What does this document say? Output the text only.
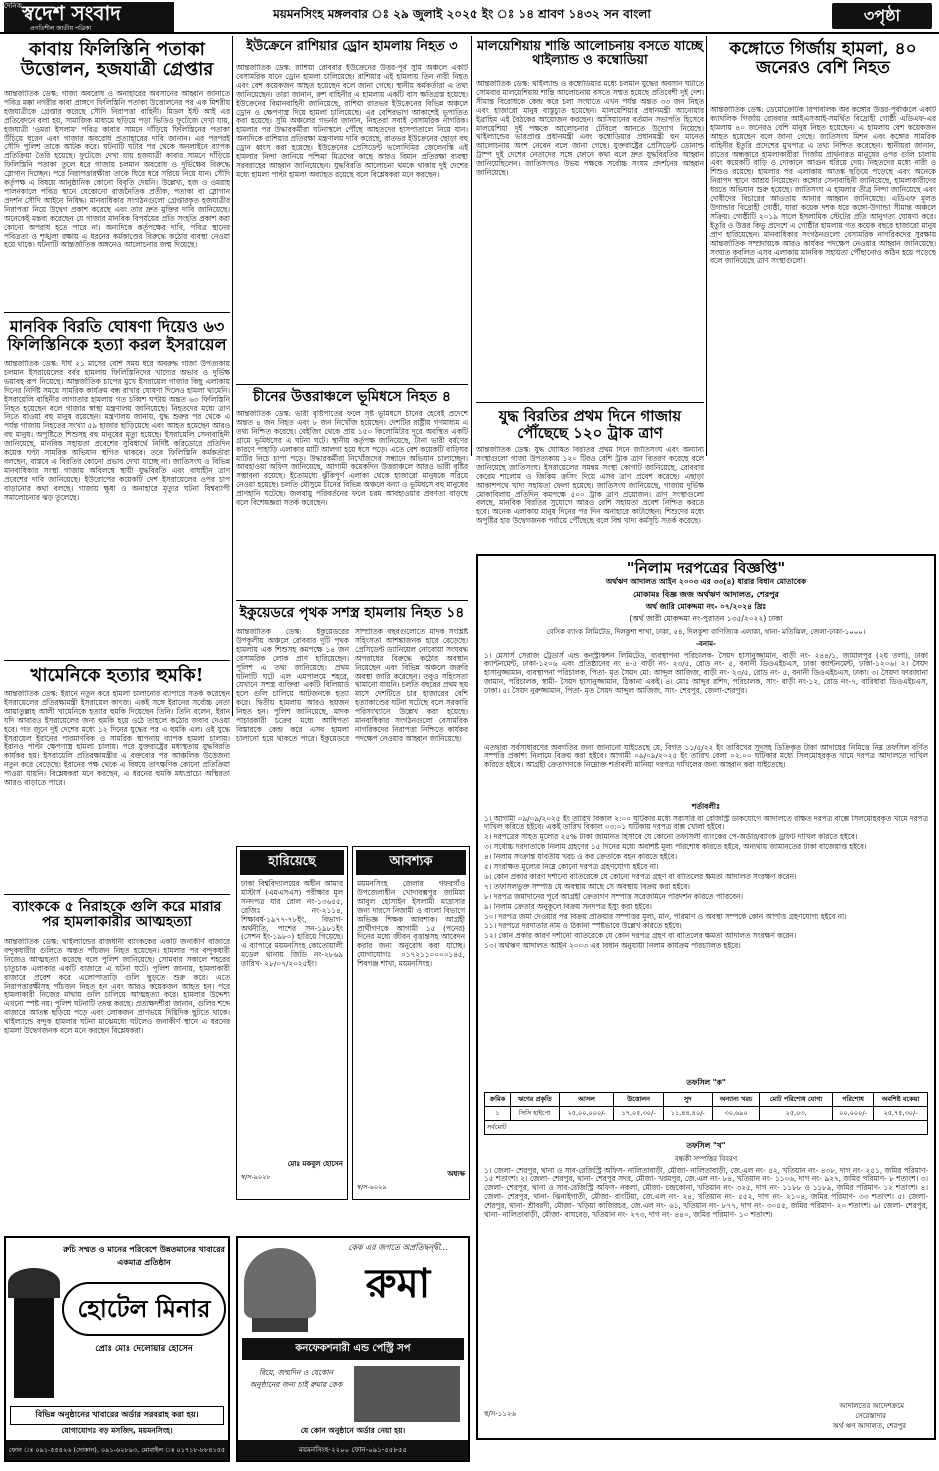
স্বদেশ সংবাদ
দৈনিক
প্রগতিশীল জাতীয় পত্রিকা
ময়মনসিংহ মঙ্গলবার ঃ ২৯ জুলাই ২০২৫ ইং ঃ ১৪ শ্রাবণ ১৪৩২ সন বাংলা	৩পৃষ্ঠা
কাবায় ফিলিস্তিনি পতাকা উত্তোলন, হজযাত্রী গ্রেপ্তার
আন্তর্জাতিক ডেস্ক: গাজা অবরোধ ও অনাহারের অবসানের আহ্বান জানাতে পবিত্র মক্কা নগরীর কাবা প্রাঙ্গণে ফিলিস্তিনি পতাকা উত্তোলনের পর এক মিশরীয় হজযাত্রীকে গ্রেপ্তার করেছে সৌদি নিরাপত্তা বাহিনী। মিডল ইস্ট আই এর প্রতিবেদনে বলা হয়, সামাজিক মাধ্যমে ছড়িয়ে পড়া ভিডিও ফুটেজে দেখা যায়, হজযাত্রী 'ওমরা ইসলাম' পবিত্র কাবার সামনে দাঁড়িয়ে ফিলিস্তিনের পতাকা উঁচিয়ে ধরেন এবং গাজার অবরোধ প্রত্যাহারের দাবি জানান। এর পরপরই সৌদি পুলিশ তাকে আটক করে। ঘটনাটি ঘটার পর থেকে অনলাইনে ব্যাপক প্রতিক্রিয়া তৈরি হয়েছে। ফুটেজে দেখা যায় হজযাত্রী কাবার সামনে দাঁড়িয়ে ফিলিস্তিনি পতাকা তুলে ধরে গাজায় চলমান অবরোধ ও দুর্ভিক্ষের বিরুদ্ধে স্লোগান দিচ্ছেন। পরে নিরাপত্তারক্ষীরা তাকে ঘিরে ধরে সরিয়ে নিয়ে যান। সৌদি কর্তৃপক্ষ এ বিষয়ে আনুষ্ঠানিক কোনো বিবৃতি দেয়নি। উল্লেখ্য, হজ ও ওমরাহ পালনকালে পবিত্র স্থানে যেকোনো রাজনৈতিক প্রতীক, পতাকা বা স্লোগান প্রদর্শন সৌদি আইনে নিষিদ্ধ। মানবাধিকার সংগঠনগুলো গ্রেপ্তারকৃত হজযাত্রীর নিরাপত্তা নিয়ে উদ্বেগ প্রকাশ করেছে এবং তার দ্রুত মুক্তির দাবি জানিয়েছে। অনেকেই মন্তব্য করেছেন যে গাজার মানবিক বিপর্যয়ের প্রতি সংহতি প্রকাশ করা কোনো অপরাধ হতে পারে না। অন্যদিকে কর্তৃপক্ষের দাবি, পবিত্র স্থানের পবিত্রতা ও শৃঙ্খলা রক্ষায় এ ধরনের কর্মকাণ্ডের বিরুদ্ধে কঠোর ব্যবস্থা নেওয়া হয়ে থাকে। ঘটনাটি আন্তর্জাতিক অঙ্গনেও আলোচনার জন্ম দিয়েছে।
ইউক্রেনে রাশিয়ার ড্রোন হামলায় নিহত ৩
আন্তর্জাতিক ডেস্ক: রাশিয়া রোববার ইউক্রেনের উত্তর-পূর্ব সুমি অঞ্চলে একটি বেসামরিক যানে ড্রোন হামলা চালিয়েছে। রাশিয়ার এই হামলায় তিন নারী নিহত এবং বেশ কয়েকজন আহত হয়েছেন বলে জানা গেছে। স্থানীয় কর্মকর্তারা এ তথ্য জানিয়েছেন। তারা জানান, রুশ বাহিনীর এ হামলায় একটি বাস ক্ষতিগ্রস্ত হয়েছে। ইউক্রেনের বিমানবাহিনী জানিয়েছে, রাশিয়া রাতভর ইউক্রেনের বিভিন্ন অঞ্চলে ড্রোন ও ক্ষেপণাস্ত্র দিয়ে হামলা চালিয়েছে। এর বেশিরভাগ আকাশেই ভূপাতিত করা হয়েছে। সুমি অঞ্চলের গভর্নর জানান, নিহতরা সবাই বেসামরিক নাগরিক। হামলার পর উদ্ধারকর্মীরা ঘটনাস্থলে পৌঁছে আহতদের হাসপাতালে নিয়ে যান। অন্যদিকে রাশিয়ার প্রতিরক্ষা মন্ত্রণালয় দাবি করেছে, রাতভর ইউক্রেনের ছোড়া বহু ড্রোন ধ্বংস করা হয়েছে। ইউক্রেনের প্রেসিডেন্ট ভলোদিমির জেলেনস্কি এই হামলার নিন্দা জানিয়ে পশ্চিমা মিত্রদের কাছে আরও বিমান প্রতিরক্ষা ব্যবস্থা সরবরাহের আহ্বান জানিয়েছেন। যুদ্ধবিরতি আলোচনা থমকে থাকায় দুই দেশের মধ্যে হামলা পাল্টা হামলা অব্যাহত রয়েছে বলে বিশ্লেষকরা মনে করছেন।
মালয়েশিয়ায় শান্তি আলোচনায় বসতে যাচ্ছে থাইল্যান্ড ও কম্বোডিয়া
আন্তর্জাতিক ডেস্ক: থাইল্যান্ড ও কম্বোডিয়ার মধ্যে চলমান যুদ্ধের অবসান ঘটাতে সোমবার মালয়েশিয়ায় শান্তি আলোচনায় বসতে সম্মত হয়েছে প্রতিবেশী দুই দেশ। সীমান্ত বিরোধকে কেন্দ্র করে চলা সংঘাতে এখন পর্যন্ত অন্তত ৩৩ জন নিহত এবং হাজারো মানুষ বাস্তুচ্যুত হয়েছেন। মালয়েশিয়ার প্রধানমন্ত্রী আনোয়ার ইব্রাহিম এই বৈঠকের আয়োজন করছেন। আসিয়ানের বর্তমান সভাপতি হিসেবে মালয়েশিয়া দুই পক্ষকে আলোচনার টেবিলে আনতে উদ্যোগ নিয়েছে। থাইল্যান্ডের ভারপ্রাপ্ত প্রধানমন্ত্রী এবং কম্বোডিয়ার প্রধানমন্ত্রী হুন মানেত আলোচনায় অংশ নেবেন বলে জানা গেছে। যুক্তরাষ্ট্রের প্রেসিডেন্ট ডোনাল্ড ট্রাম্প দুই দেশের নেতাদের সঙ্গে ফোনে কথা বলে দ্রুত যুদ্ধবিরতির আহ্বান জানিয়েছিলেন। জাতিসংঘও উভয় পক্ষকে সর্বোচ্চ সংযম প্রদর্শনের আহ্বান জানিয়েছে।
কঙ্গোতে গির্জায় হামলা, ৪০ জনেরও বেশি নিহত
আন্তর্জাতিক ডেস্ক: ডেমোক্রেটিক রিপাবলিক অব কঙ্গোর উত্তর-পূর্বাঞ্চলে একটি ক্যাথলিক গির্জায় রোববার আইএসআই-সমর্থিত বিদ্রোহী গোষ্ঠী এডিএফ-এর হামলায় ৪০ জনেরও বেশি মানুষ নিহত হয়েছেন। এ হামলায় বেশ কয়েকজন আহত হয়েছেন বলে জানা গেছে। জাতিসংঘ মিশন এবং কঙ্গোর সামরিক বাহিনীর ইতুরি প্রদেশের মুখপাত্র এ তথ্য নিশ্চিত করেছেন। স্থানীয়রা জানান, রাতের অন্ধকারে হামলাকারীরা গির্জায় প্রার্থনারত মানুষের ওপর গুলি চালায় এবং কয়েকটি বাড়ি ও দোকানে আগুন ধরিয়ে দেয়। নিহতদের মধ্যে নারী ও শিশুও রয়েছে। হামলার পর এলাকায় আতঙ্ক ছড়িয়ে পড়েছে এবং অনেকে নিরাপদ স্থানে আশ্রয় নিয়েছেন। কঙ্গোর সেনাবাহিনী জানিয়েছে, হামলাকারীদের ধরতে অভিযান শুরু হয়েছে। জাতিসংঘ এ হামলার তীব্র নিন্দা জানিয়েছে এবং দোষীদের বিচারের আওতায় আনার আহ্বান জানিয়েছে। এডিএফ মূলত উগান্ডার বিদ্রোহী গোষ্ঠী, যারা কয়েক দশক ধরে কঙ্গো-উগান্ডা সীমান্ত অঞ্চলে সক্রিয়। গোষ্ঠীটি ২০১৯ সালে ইসলামিক স্টেটের প্রতি আনুগত্য ঘোষণা করে। ইতুরি ও উত্তর কিভু প্রদেশে এ গোষ্ঠীর হামলায় গত কয়েক বছরে হাজারো মানুষ প্রাণ হারিয়েছেন। মানবাধিকার সংগঠনগুলো বেসামরিক নাগরিকদের সুরক্ষায় আন্তর্জাতিক সম্প্রদায়কে আরও কার্যকর পদক্ষেপ নেওয়ার আহ্বান জানিয়েছে। সংঘাত কবলিত এসব এলাকায় মানবিক সহায়তা পৌঁছানোও কঠিন হয়ে পড়েছে বলে জানিয়েছে ত্রাণ সংস্থাগুলো।
চীনের উত্তরাঞ্চলে ভূমিধসে নিহত ৪
আন্তর্জাতিক ডেস্ক: ভারী বৃষ্টিপাতের ফলে সৃষ্ট ভূমিধসে চীনের হেবেই প্রদেশে অন্তত ৪ জন নিহত এবং ৮ জন নিখোঁজ হয়েছেন। দেশটির রাষ্ট্রীয় গণমাধ্যম এ তথ্য নিশ্চিত করেছে। বেইজিং থেকে প্রায় ১৫০ কিলোমিটার দূরে অবস্থিত একটি গ্রামে ভূমিধসের এ ঘটনা ঘটে। স্থানীয় কর্তৃপক্ষ জানিয়েছে, টানা ভারী বর্ষণের কারণে পাহাড়ি এলাকার মাটি আলগা হয়ে ধসে পড়ে। এতে বেশ কয়েকটি বাড়িঘর মাটির নিচে চাপা পড়ে। উদ্ধারকর্মীরা নিখোঁজদের সন্ধানে অভিযান চালাচ্ছেন। আবহাওয়া অফিস জানিয়েছে, আগামী কয়েকদিন উত্তরাঞ্চলে আরও ভারী বৃষ্টির সম্ভাবনা রয়েছে। ইতোমধ্যে ঝুঁকিপূর্ণ এলাকা থেকে হাজারো মানুষকে সরিয়ে নেওয়া হয়েছে। চলতি মৌসুমে চীনের বিভিন্ন অঞ্চলে বন্যা ও ভূমিধসে বহু মানুষের প্রাণহানি ঘটেছে। জলবায়ু পরিবর্তনের ফলে চরম আবহাওয়ার প্রবণতা বাড়ছে বলে বিশেষজ্ঞরা সতর্ক করেছেন।
যুদ্ধ বিরতির প্রথম দিনে গাজায় পৌঁছেছে ১২০ ট্রাক ত্রাণ
আন্তর্জাতিক ডেস্ক: যুদ্ধ ঘোষিত বিরতির প্রথম দিনে জাতিসংঘ এবং অন্যান্য সংস্থাগুলো গাজা উপত্যকায় ১২০ টিরও বেশি ট্রাক ত্রাণ বিতরণ করেছে বলে জানিয়েছে জাতিসংঘ। ইসরায়েলের সমন্বয় সংস্থা কোগাট জানিয়েছে, রোববার কেরেম শালোম ও জিকিম ক্রসিং দিয়ে এসব ত্রাণ প্রবেশ করেছে। এছাড়া আকাশপথে খাদ্য সহায়তা ফেলা হয়েছে। জাতিসংঘ জানিয়েছে, গাজায় দুর্ভিক্ষ মোকাবিলায় প্রতিদিন কমপক্ষে ৫০০ ট্রাক ত্রাণ প্রয়োজন। ত্রাণ সংস্থাগুলো বলছে, মানবিক বিরতির সুযোগে আরও বেশি সহায়তা প্রবেশ নিশ্চিত করতে হবে। অনেক এলাকায় মানুষ দিনের পর দিন অনাহারে কাটাচ্ছেন। শিশুদের মধ্যে অপুষ্টির হার উদ্বেগজনক পর্যায়ে পৌঁছেছে বলে বিশ্ব খাদ্য কর্মসূচি সতর্ক করেছে।
মানবিক বিরতি ঘোষণা দিয়েও ৬৩ ফিলিস্তিনিকে হত্যা করল ইসরায়েল
আন্তর্জাতিক ডেস্ক: দীর্ঘ ২১ মাসের বেশি সময় ধরে অবরুদ্ধ গাজা উপত্যকায় চলমান ইসরায়েলের বর্বর হামলায় ফিলিস্তিনিদের খাদ্যের অভাব ও দুর্ভিক্ষ ভয়াবহ রূপ নিয়েছে। আন্তর্জাতিক চাপের মুখে ইসরায়েল গাজার কিছু এলাকায় দিনের নির্দিষ্ট সময়ে সামরিক কার্যক্রম বন্ধ রাখার ঘোষণা দিলেও হামলা থামেনি। ইসরায়েলি বাহিনীর লাগাতার হামলায় গত চব্বিশ ঘণ্টায় অন্তত ৬৩ ফিলিস্তিনি নিহত হয়েছেন বলে গাজার স্বাস্থ্য মন্ত্রণালয় জানিয়েছে। নিহতদের মধ্যে ত্রাণ নিতে যাওয়া বহু মানুষ রয়েছেন। মন্ত্রণালয় জানায়, যুদ্ধ শুরুর পর থেকে এ পর্যন্ত গাজায় নিহতের সংখ্যা ৫৯ হাজার ছাড়িয়েছে এবং আহত হয়েছেন আরও বহু মানুষ। অপুষ্টিতে শিশুসহ বহু মানুষের মৃত্যু হয়েছে। ইসরায়েলি সেনাবাহিনী জানিয়েছে, মানবিক সহায়তা প্রবেশের সুবিধার্থে নির্দিষ্ট করিডোরে প্রতিদিন কয়েক ঘণ্টা সামরিক অভিযান স্থগিত থাকবে। তবে ফিলিস্তিনি কর্মকর্তারা বলছেন, বাস্তবে এ বিরতির কোনো প্রভাব দেখা যাচ্ছে না। জাতিসংঘ ও বিভিন্ন মানবাধিকার সংস্থা গাজায় অবিলম্বে স্থায়ী যুদ্ধবিরতি এবং বাধাহীন ত্রাণ প্রবেশের দাবি জানিয়েছে। ইউরোপের কয়েকটি দেশ ইসরায়েলের ওপর চাপ বাড়ানোর কথা বলছে। গাজায় ক্ষুধা ও অনাহারে মৃত্যুর ঘটনা বিশ্বব্যাপী সমালোচনার ঝড় তুলেছে।
ইকুয়েডরে পৃথক সশস্ত্র হামলায় নিহত ১৪
আন্তর্জাতিক ডেস্ক: ইকুয়েডরের উপকূলীয় অঞ্চলে রোববার দুটি পৃথক হামলায় এক শিশুসহ কমপক্ষে ১৪ জন বেসামরিক লোক প্রাণ হারিয়েছেন। পুলিশ এ তথ্য জানিয়েছে। প্রথম ঘটনাটি ঘটে এল এমপালমে শহরে, যেখানে সশস্ত্র ব্যক্তিরা একটি বিলিয়ার্ড হলে গুলি চালিয়ে আটজনকে হত্যা করে। দ্বিতীয় হামলায় আরও ছয়জন নিহত হন। পুলিশ জানিয়েছে, মাদক পাচারকারী চক্রের মধ্যে আধিপত্য বিস্তারকে কেন্দ্র করে এসব হামলা চালানো হয়ে থাকতে পারে। ইকুয়েডরে সাম্প্রতিক বছরগুলোতে মাদক সংশ্লিষ্ট সহিংসতা আশঙ্কাজনক হারে বেড়েছে। প্রেসিডেন্ট ড্যানিয়েল নোবোয়া সংঘবদ্ধ অপরাধের বিরুদ্ধে কঠোর অবস্থান নিয়েছেন এবং বিভিন্ন অঞ্চলে জরুরি অবস্থা জারি করেছেন। তবুও সহিংসতা থামানো যায়নি। চলতি বছরের প্রথম ছয় মাসে দেশটিতে চার হাজারের বেশি হত্যাকাণ্ডের ঘটনা ঘটেছে বলে সরকারি পরিসংখ্যানে উল্লেখ করা হয়েছে। মানবাধিকার সংগঠনগুলো বেসামরিক নাগরিকদের নিরাপত্তা নিশ্চিতে কার্যকর পদক্ষেপ নেওয়ার আহ্বান জানিয়েছে।
খামেনিকে হত্যার হুমকি!
আন্তর্জাতিক ডেস্ক: ইরানে নতুন করে হামলা চালানোর ব্যাপারে সতর্ক করেছেন ইসরায়েলের প্রতিরক্ষামন্ত্রী ইসরায়েল কাৎজ। একই সঙ্গে ইরানের সর্বোচ্চ নেতা আয়াতুল্লাহ আলী খামেনিকে হত্যার হুমকি দিয়েছেন তিনি। তিনি বলেন, ইরান যদি আবারও ইসরায়েলের জন্য হুমকি হয়ে ওঠে তাহলে কঠোর জবাব দেওয়া হবে। গত জুনে দুই দেশের মধ্যে ১২ দিনের যুদ্ধের পর এ হুমকি এল। ওই যুদ্ধে ইসরায়েল ইরানের পারমাণবিক ও সামরিক স্থাপনায় ব্যাপক হামলা চালায়। ইরানও পাল্টা ক্ষেপণাস্ত্র হামলা চালায়। পরে যুক্তরাষ্ট্রের মধ্যস্থতায় যুদ্ধবিরতি কার্যকর হয়। ইসরায়েলি প্রতিরক্ষামন্ত্রীর এ বক্তব্যের পর আঞ্চলিক উত্তেজনা নতুন করে বেড়েছে। ইরানের পক্ষ থেকে এ বিষয়ে তাৎক্ষণিক কোনো প্রতিক্রিয়া পাওয়া যায়নি। বিশ্লেষকরা মনে করছেন, এ ধরনের হুমকি মধ্যপ্রাচ্যে অস্থিরতা আরও বাড়াতে পারে।
ব্যাংককে ৫ নিরাহকে গুলি করে মারার পর হামলাকারীর আত্মহত্যা
আন্তর্জাতিক ডেস্ক: থাইল্যান্ডের রাজধানী ব্যাংককের একটি জনাকীর্ণ বাজারে বন্দুকধারীর গুলিতে অন্তত পাঁচজন নিহত হয়েছেন। হামলার পর বন্দুকধারী নিজেও আত্মহত্যা করেছে বলে পুলিশ জানিয়েছে। সোমবার সকালে শহরের চাতুচাক এলাকার একটি বাজারে এ ঘটনা ঘটে। পুলিশ জানায়, হামলাকারী বাজারে প্রবেশ করে এলোপাতাড়ি গুলি ছুড়তে শুরু করে। এতে নিরাপত্তারক্ষীসহ পাঁচজন নিহত হন এবং আরও কয়েকজন আহত হন। পরে হামলাকারী নিজের মাথায় গুলি চালিয়ে আত্মহত্যা করে। হামলার উদ্দেশ্য এখনো স্পষ্ট নয়। পুলিশ ঘটনাটি তদন্ত করছে। প্রত্যক্ষদর্শীরা জানান, গুলির শব্দে বাজারে আতঙ্ক ছড়িয়ে পড়ে এবং লোকজন প্রাণভয়ে দিগ্বিদিক ছুটতে থাকে। থাইল্যান্ডে বন্দুক হামলার ঘটনা মাঝেমধ্যে ঘটলেও জনাকীর্ণ স্থানে এ ধরনের হামলা উদ্বেগজনক বলে মনে করছেন বিশ্লেষকরা।
হারিয়েছে
ঢাকা বিশ্ববিদ্যালয়ের অধীন আমার মাস্টার্স (এমএসএস) পরীক্ষার মূল সনদপত্র যার রোল নং-১৩৬৫৫, রেজিঃ নং-২১১৪, শিক্ষাবর্ষ-১৯৭৭-৭৮ইং, বিভাগ- অর্থনীতি, পাশের সন-১৯৮১ইং (সেশন ইং-১৯৮০) হারিয়ে গিয়েছে। এ ব্যাপারে ময়মনসিংহ কোতোয়ালী মডেল থানায় জিডি নং-২৮৬৯ তারিখ- ২৮/০৭/২০২৫ইং।
মোঃ মকবুল হোসেন
স্ব/স-৯০২৮
আবশ্যক
ময়মনসিংহ জেলার গফরগাঁও উপজেলাধীন খোদাবক্সপুর জামিয়া আবুল হোসাইন ইসলামী মাদ্রাসার জন্য দারসে নিজামী ও বাংলা বিভাগে অভিজ্ঞ শিক্ষক আবশ্যক। আগ্রহী প্রার্থীগণকে আগামী ১৫ (পনের) দিনের মধ্যে জীবন বৃত্তান্তসহ আবেদন করার জন্য অনুরোধ করা যাচ্ছে। যোগাযোগঃ ০১৭২১১০০০০১৪৫, শিবগঞ্জ শাখা, ময়মনসিংহ।
অধ্যক্ষ
স্ব/স-৯০২৯
"নিলাম দরপত্রের বিজ্ঞপ্তি"
অর্থঋণ আদালত আইন ২০০৩ এর ৩৩(৪) ধারার বিধান মোতাবেক
মোকামঃ বিজ্ঞ জজ অর্থঋণ আদালত, শেরপুর
অর্থ জারি মোকদ্দমা নং- ০৭/২০২৪ খ্রিঃ
(অর্থ জারী মোকদ্দমা নং-পুরাতন ১৩৫/২০২২) ঢাকা
বেসিক ব্যাংক লিমিটেড, দিলকুশা শাখা, ঢাকা, ৫৪, দিলকুশা বাণিজ্যিক এলাকা, থানা- মতিঝিল, জেলা-ঢাকা-১০০০।
-বনাম-
১। মেসার্স সেরাজ ট্রেডার্স এন্ড কনস্ট্রাকশন লিমিটেড, ব্যবস্থাপনা পরিচালক- সৈয়দ হাসানুজ্জামান, বাড়ী নং- ২৪৪/১, জামালপুর (২য় তলা), ঢাকা ক্যান্টনমেন্ট, ঢাকা-১২০৬ এবং প্রতিষ্ঠানের নং ৪-৫ বাড়ী নং- ২৩/৫, রোড নং- ৫, বনানী ডিওএইচএস, ঢাকা ক্যান্টনমেন্ট, ঢাকা-১২০৬। ২। সৈয়দ হাসানুজ্জামান, ব্যবস্থাপনা পরিচালক, পিতা- মৃত সৈয়দ মো: আব্দুল আজিজ, বাড়ী নং- ২৩/৫, রোড নং- ৫, বনানী ডিওএইচএস, ঢাকা। ৩। সৈয়দা ফারজানা জামান, পরিচালক, স্বামী- সৈয়দ হাসানুজ্জামান, ঠিকানা একই। ৪। মোঃ আব্দুর রশিদ, পরিচালক, সাং- বাড়ী নং-১২, রোড নং-৭, বারিধারা ডিওএইচএস, ঢাকা। ৫। সৈয়দ নুরুজ্জামান, পিতা- মৃত সৈয়দ আব্দুল আজিজ, সাং- শেরপুর, জেলা-শেরপুর।
এতদ্বারা সর্বসাধারণের অবগতির জন্য জানানো যাইতেছে যে, বিগত ১১/৫/২২ ইং তারিখের সুদসহ ডিক্রিকৃত টাকা আদায়ের নিমিত্তে নিম্ন তফসিল বর্ণিত সম্পত্তি প্রকাশ্য নিলামে বিক্রয় করা হইবে। আগামী ০৯/০৯/২০২৫ ইং তারিখ বেলা ০২.০০ ঘটিকার মধ্যে সিলমোহরকৃত খামে দরপত্র আদালতে দাখিল করিতে হইবে। আগ্রহী ক্রেতাগণকে নিম্নোক্ত শর্তাবলী মানিয়া দরপত্র দাখিলের জন্য আহ্বান করা যাইতেছে।
শর্তাবলীঃ
১। আগামী ০৯/০৯/২০২৫ ইং তারিখ বিকাল ২:০০ ঘটিকার মধ্যে সরাসরি বা রেজিস্ট্রি ডাকযোগে আদালতে রক্ষিত দরপত্র বাক্সে সিলমোহরকৃত খামে দরপত্র দাখিল করিতে হইবে। একই তারিখ বিকাল ০৩:০১ ঘটিকায় দরপত্র বাক্স খোলা হইবে।
২। দরপত্রের সহিত মূল্যের ২৫% টাকা জামানত হিসাবে যে কোনো তফসিলী ব্যাংকের পে-অর্ডার/ব্যাংক ড্রাফট দাখিল করিতে হইবে।
৩। সর্বোচ্চ দরদাতাকে নিলাম গ্রহণের ১৫ দিনের মধ্যে অবশিষ্ট মূল্য পরিশোধ করিতে হইবে, অন্যথায় জামানতের টাকা বাজেয়াপ্ত হইবে।
৪। নিলাম সংক্রান্ত যাবতীয় খরচ ও কর ক্রেতাকে বহন করিতে হইবে।
৫। সংরক্ষিত মূল্যের নিম্নে কোনো দরপত্র গ্রহণযোগ্য হইবে না।
৬। কোন প্রকার কারণ দর্শানো ব্যতিরেকে যে কোনো দরপত্র গ্রহণ বা বাতিলের ক্ষমতা আদালত সংরক্ষণ করেন।
৭। তফসিলভুক্ত সম্পত্তি যে অবস্থায় আছে সে অবস্থায় বিক্রয় করা হইবে।
৮। দরপত্র জমাদানের পূর্বে আগ্রহী ক্রেতাগণ সম্পত্তি সরেজমিনে পরিদর্শন করিতে পারিবেন।
৯। নিলাম ক্রেতার অনুকূলে বিক্রয় সনদপত্র ইস্যু করা হইবে।
১০। দরপত্র জমা দেওয়ার পর বিক্রয় প্রক্রিয়ার সম্পত্তির মূল্য, মান, পরিমাণ ও অবস্থা সম্পর্কে কোন আপত্তি গ্রহণযোগ্য হইবে না।
১১। দরপত্রে দরদাতার নাম ও ঠিকানা স্পষ্টভাবে উল্লেখ করিতে হইবে।
১২। কোন প্রকার কারণ দর্শানো ব্যতিরেকে যে কোন দরপত্র গ্রহণ বা বাতিলের ক্ষমতা আদালত সংরক্ষণ করেন।
১৩। অর্থঋণ আদালত আইন ২০০৩ এর বিধান অনুযায়ী নিলাম কার্যক্রম পরিচালিত হইবে।
তফসিল "ক"
ক্রমিক	ঋণের প্রকৃতি	আসল	উত্তোলন	সুদ	অন্যান্য খরচ	মোট পরিশোধ যোগ্য	পরিশোধ	অবশিষ্ট বকেয়া
১	সিসি হাইপো	২৫,০০,০০০/-	১৭,০৫,৩০/-	১১,৪৪,৪০/-	৩০,৬৯০	২৫,০৩,	০০,০০০/-	২৫,৭৫,৩০/-
সর্বমোট								
তফসিল "খ"
বন্ধকী সম্পত্তির বিবরণ
১। জেলা- শেরপুর, থানা ও সাব-রেজিস্ট্রি অফিস- নালিতাবাড়ী, মৌজা- নালিতাবাড়ী, জে.এল নং- ৫২, খতিয়ান নং- ৪৩৮, দাগ নং- ২৫১, জমির পরিমাণ- ১৫ শতাংশ। ২। জেলা- শেরপুর, থানা- শেরপুর সদর, মৌজা- খরমপুর, জে.এল নং- ৮৪, খতিয়ান নং- ১১০৬, দাগ নং- ৯২৭, জমির পরিমাণ- ৮ শতাংশ। ৩। জেলা- শেরপুর, থানা ও সাব-রেজিস্ট্রি অফিস- নকলা, মৌজা- চন্দ্রকোনা, খতিয়ান নং- ৩২৫, দাগ নং- ১১৮৮ ও ১১৮৯, জমির পরিমাণ- ১২ শতাংশ। ৪। জেলা- শেরপুর, থানা- ঝিনাইগাতী, মৌজা- রাংটিয়া, জে.এল নং- ২৪, খতিয়ান নং- ৫৫২, দাগ নং- ২১০৪, জমির পরিমাণ- ৩৩ শতাংশ। ৫। জেলা- শেরপুর, থানা- শ্রীবরদী, মৌজা- খড়িয়া কাজিরচর, জে.এল নং- ৬১, খতিয়ান নং- ৮৭৭, দাগ নং- ৩০৫৫, জমির পরিমাণ- ২০ শতাংশ। ৬। জেলা- শেরপুর, থানা- নালিতাবাড়ী, মৌজা- বাঘবেড়, খতিয়ান নং- ২৭৩, দাগ নং- ৪৪০, জমির পরিমাণ- ১০ শতাংশ।
স্ব/স-১১২৬
আদালতের আদেশক্রমে
সেরেস্তাদার
অর্থ ঋণ আদালত, শেরপুর
রুচি সম্মত ও মানের পরিবেশে উন্নতমানের খাবারের একমাত্র প্রতিষ্ঠান
হোটেল মিনার
প্রোঃ মোঃ দেলোয়ার হোসেন
বিভিন্ন অনুষ্ঠানের খাবারের অর্ডার সরবরাহ করা হয়।
যোগাযোগঃ বড় মসজিদ, ময়মনসিংহ।
ফোন ঃ ০৯১-৫৫৪২৬ (দোকান), ০৯১-৬২৮৯৩, মোবাইল ঃ ০১৭১৮-৮৮৪১৫৫
কেক এর জগতে অপ্রতিদ্বন্দ্বী...
রুমা
কনফেকশনারী এন্ড পেস্ট্রি সপ
বিয়ে, জন্মদিন ও যেকোন অনুষ্ঠানের জন্য চাই রুমার কেক
যে কোন অনুষ্ঠানে অর্ডার নেয়া হয়।
ময়মনসিংহ-২২০০ ফোন-০৯১-৫৫৮৫৫
